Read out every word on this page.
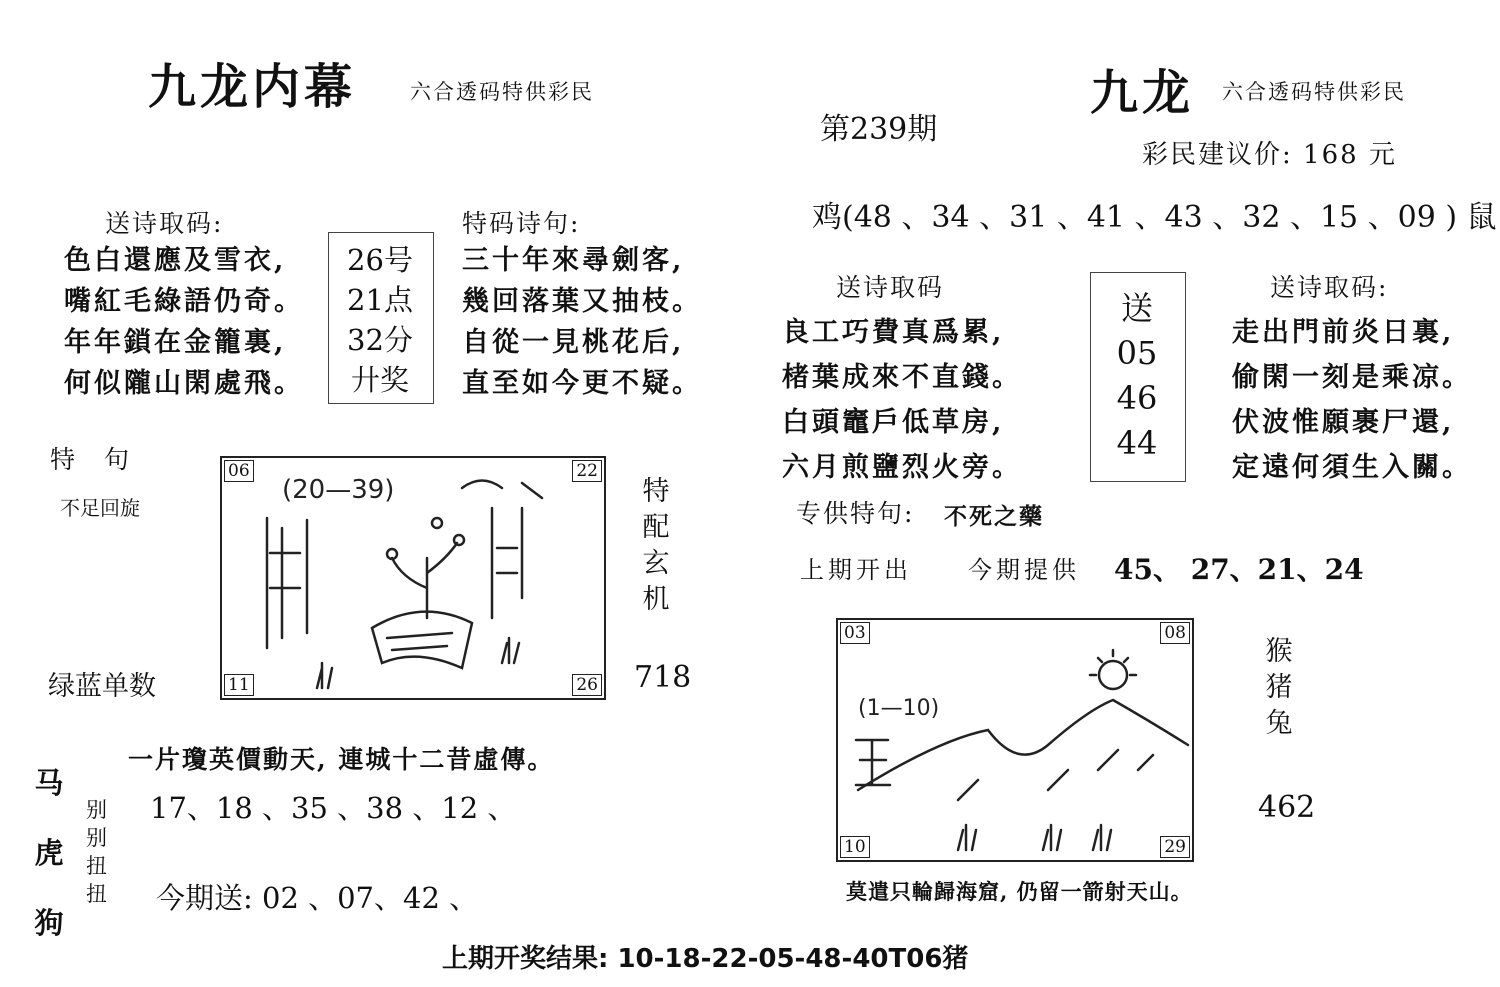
九龙内幕	六合透码特供彩民
送诗取码:
色白還應及雪衣,
嘴紅毛綠語仍奇。
年年鎖在金籠裏,
何似隴山閑處飛。
26号
21点
32分
廾奖
特码诗句:
三十年來尋劍客,
幾回落葉又抽枝。
自從一見桃花后,
直至如今更不疑。
特　句
不足回旋
绿蓝单数
(20—39)
06	22
11	26
特
配
玄
机
718
马
虎
狗
一片瓊英價動天, 連城十二昔虛傳。
别
别
扭
扭
17、18 、35 、38 、12 、
今期送: 02 、07、42 、
九龙 六合透码特供彩民
第239期
彩民建议价: 168 元
鸡(48 、34 、31 、41 、43 、32 、15 、09 ) 鼠
送诗取码	送诗取码:
良工巧費真爲累,
楮葉成來不直錢。
白頭竈戶低草房,
六月煎鹽烈火旁。
送
05
46
44
走出門前炎日裏,
偷閑一刻是乘凉。
伏波惟願裹尸還,
定遠何須生入關。
专供特句: 不死之藥
上期开出 今期提供 45、 27、21、24
(1—10)
03	08
10	29
猴
猪
兔
462
莫遣只輪歸海窟, 仍留一箭射天山。
上期开奖结果: 10-18-22-05-48-40T06猪
